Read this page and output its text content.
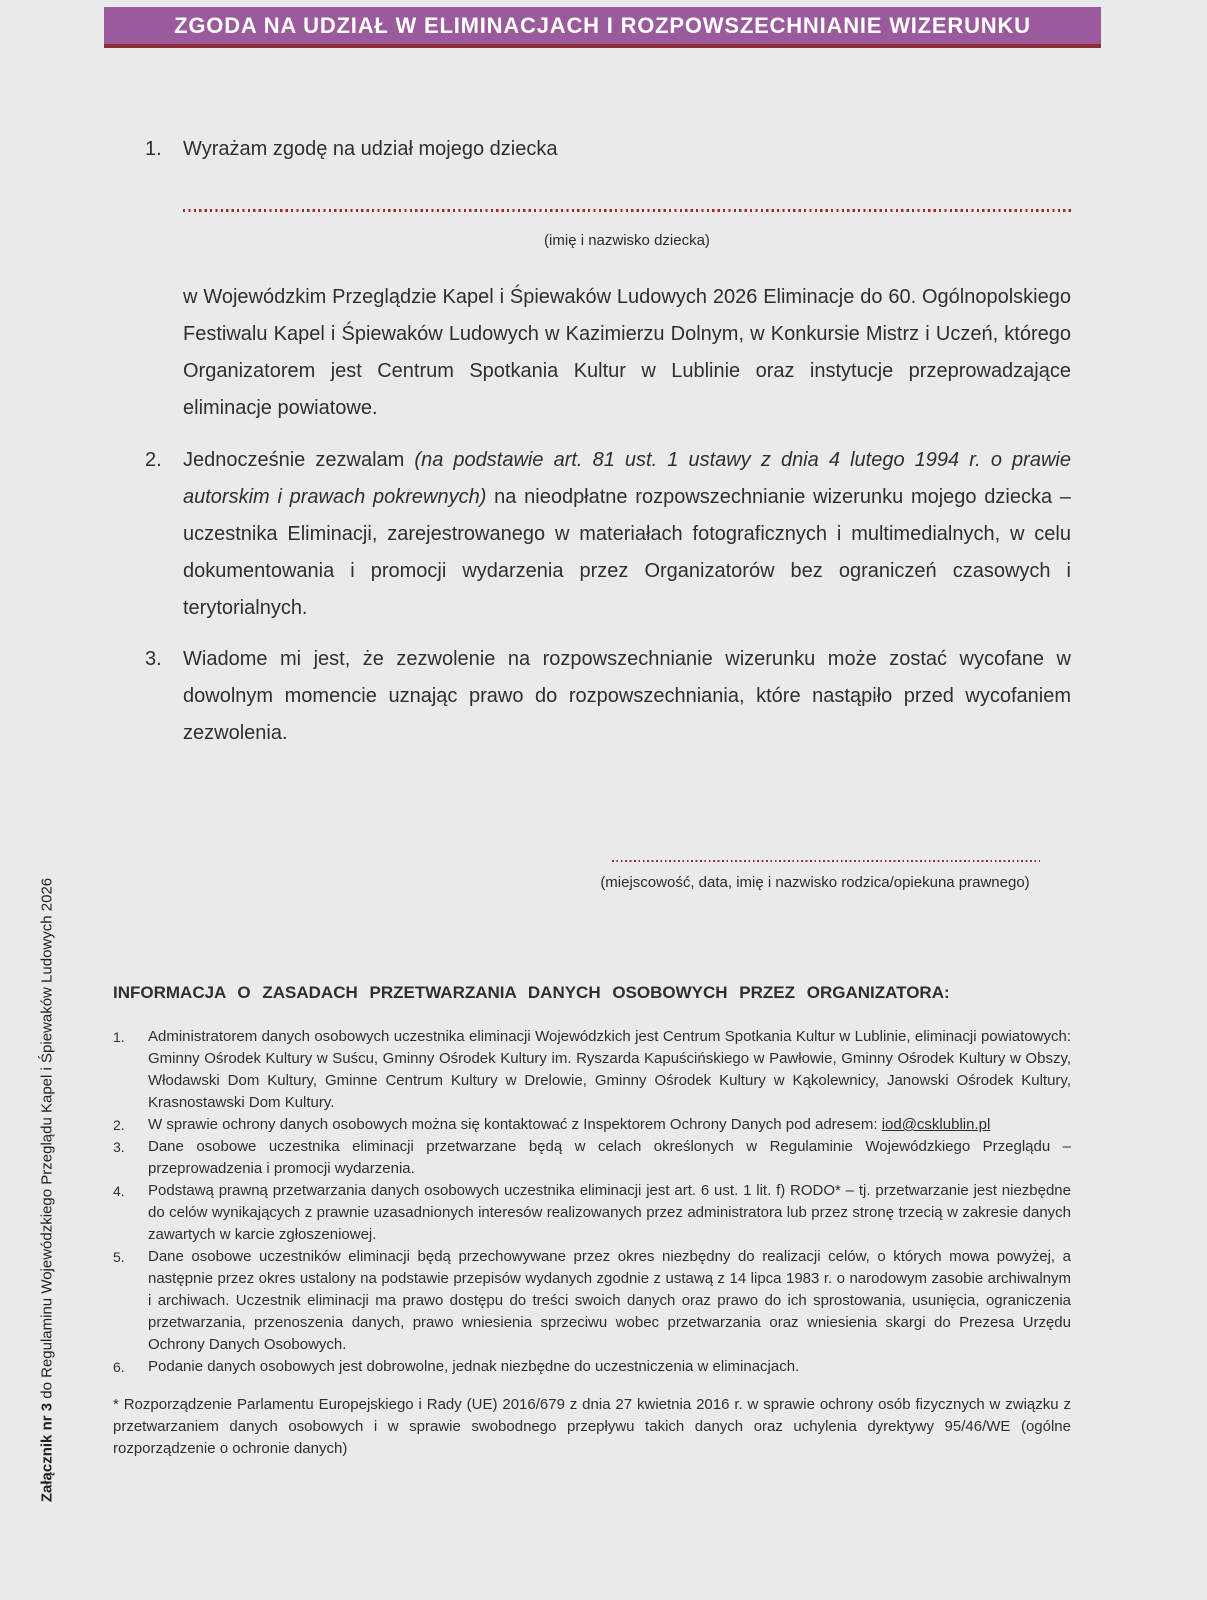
ZGODA NA UDZIAŁ W ELIMINACJACH I ROZPOWSZECHNIANIE WIZERUNKU
Załącznik nr 3 do Regulaminu Wojewódzkiego Przeglądu Kapel i Śpiewaków Ludowych 2026
1.	Wyrażam zgodę na udział mojego dziecka
(imię i nazwisko dziecka)
w Wojewódzkim Przeglądzie Kapel i Śpiewaków Ludowych 2026 Eliminacje do 60. Ogólnopolskiego Festiwalu Kapel i Śpiewaków Ludowych w Kazimierzu Dolnym, w Konkursie Mistrz i Uczeń, którego Organizatorem jest Centrum Spotkania Kultur w Lublinie oraz instytucje przeprowadzające eliminacje powiatowe.
2.	Jednocześnie zezwalam (na podstawie art. 81 ust. 1 ustawy z dnia 4 lutego 1994 r. o prawie autorskim i prawach pokrewnych) na nieodpłatne rozpowszechnianie wizerunku mojego dziecka – uczestnika Eliminacji, zarejestrowanego w materiałach fotograficznych i multimedialnych, w celu dokumentowania i promocji wydarzenia przez Organizatorów bez ograniczeń czasowych i terytorialnych.
3.	Wiadome mi jest, że zezwolenie na rozpowszechnianie wizerunku może zostać wycofane w dowolnym momencie uznając prawo do rozpowszechniania, które nastąpiło przed wycofaniem zezwolenia.
(miejscowość, data, imię i nazwisko rodzica/opiekuna prawnego)
INFORMACJA O ZASADACH PRZETWARZANIA DANYCH OSOBOWYCH PRZEZ ORGANIZATORA:
1.	Administratorem danych osobowych uczestnika eliminacji Wojewódzkich jest Centrum Spotkania Kultur w Lublinie, eliminacji powiatowych: Gminny Ośrodek Kultury w Suścu, Gminny Ośrodek Kultury im. Ryszarda Kapuścińskiego w Pawłowie, Gminny Ośrodek Kultury w Obszy, Włodawski Dom Kultury, Gminne Centrum Kultury w Drelowie, Gminny Ośrodek Kultury w Kąkolewnicy, Janowski Ośrodek Kultury, Krasnostawski Dom Kultury.
2.	W sprawie ochrony danych osobowych można się kontaktować z Inspektorem Ochrony Danych pod adresem: iod@csklublin.pl
3.	Dane osobowe uczestnika eliminacji przetwarzane będą w celach określonych w Regulaminie Wojewódzkiego Przeglądu – przeprowadzenia i promocji wydarzenia.
4.	Podstawą prawną przetwarzania danych osobowych uczestnika eliminacji jest art. 6 ust. 1 lit. f) RODO* – tj. przetwarzanie jest niezbędne do celów wynikających z prawnie uzasadnionych interesów realizowanych przez administratora lub przez stronę trzecią w zakresie danych zawartych w karcie zgłoszeniowej.
5.	Dane osobowe uczestników eliminacji będą przechowywane przez okres niezbędny do realizacji celów, o których mowa powyżej, a następnie przez okres ustalony na podstawie przepisów wydanych zgodnie z ustawą z 14 lipca 1983 r. o narodowym zasobie archiwalnym i archiwach. Uczestnik eliminacji ma prawo dostępu do treści swoich danych oraz prawo do ich sprostowania, usunięcia, ograniczenia przetwarzania, przenoszenia danych, prawo wniesienia sprzeciwu wobec przetwarzania oraz wniesienia skargi do Prezesa Urzędu Ochrony Danych Osobowych.
6.	Podanie danych osobowych jest dobrowolne, jednak niezbędne do uczestniczenia w eliminacjach.
* Rozporządzenie Parlamentu Europejskiego i Rady (UE) 2016/679 z dnia 27 kwietnia 2016 r. w sprawie ochrony osób fizycznych w związku z przetwarzaniem danych osobowych i w sprawie swobodnego przepływu takich danych oraz uchylenia dyrektywy 95/46/WE (ogólne rozporządzenie o ochronie danych)
